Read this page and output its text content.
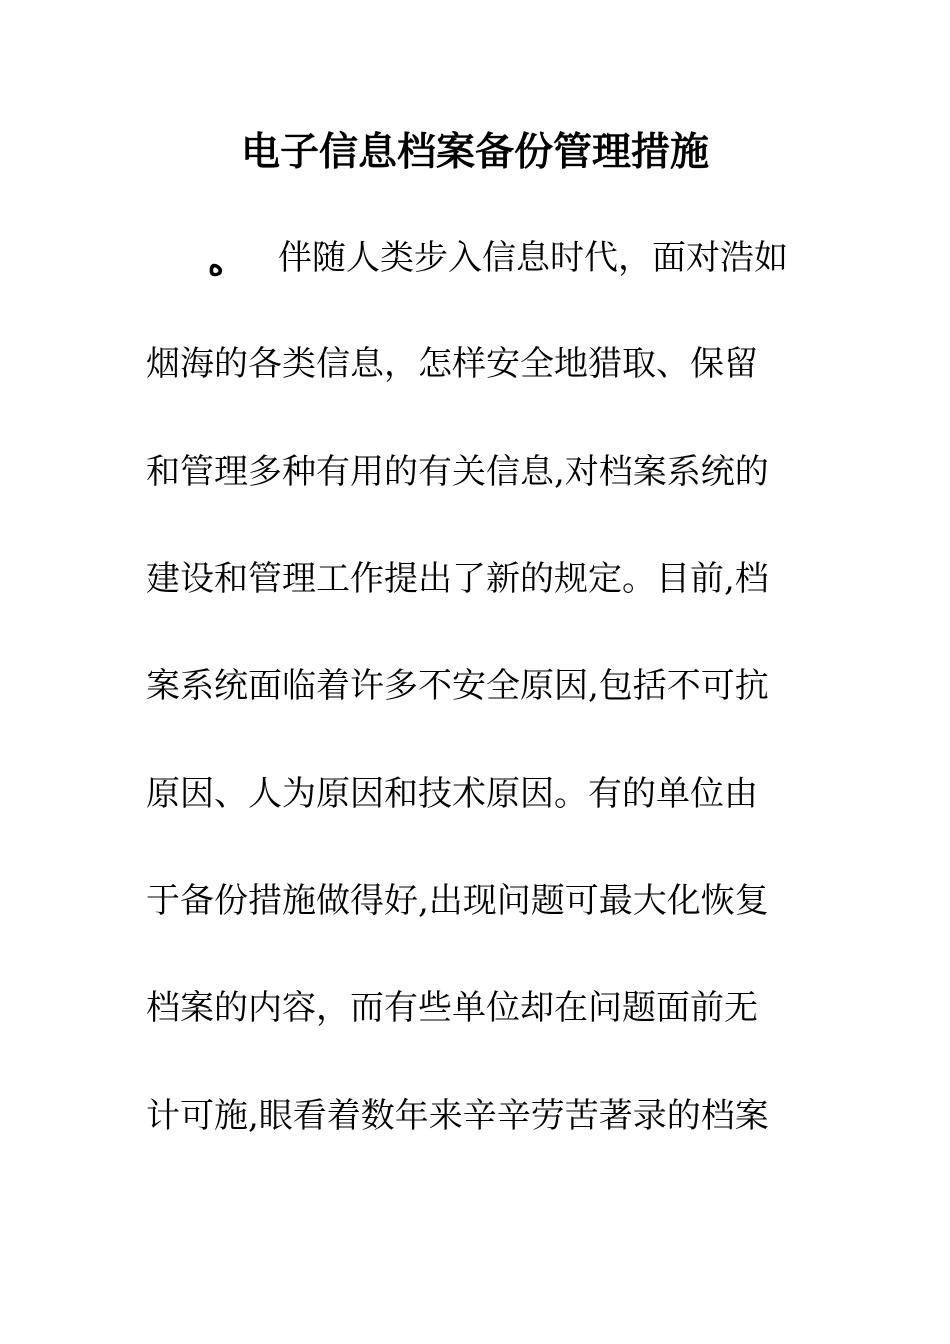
电子信息档案备份管理措施
ه 伴随人类步入信息时代，面对浩如
烟海的各类信息，怎样安全地猎取、保留
和管理多种有用的有关信息,对档案系统的
建设和管理工作提出了新的规定。目前,档
案系统面临着许多不安全原因,包括不可抗
原因、人为原因和技术原因。有的单位由
于备份措施做得好,出现问题可最大化恢复
档案的内容，而有些单位却在问题面前无
计可施,眼看着数年来辛辛劳苦著录的档案
